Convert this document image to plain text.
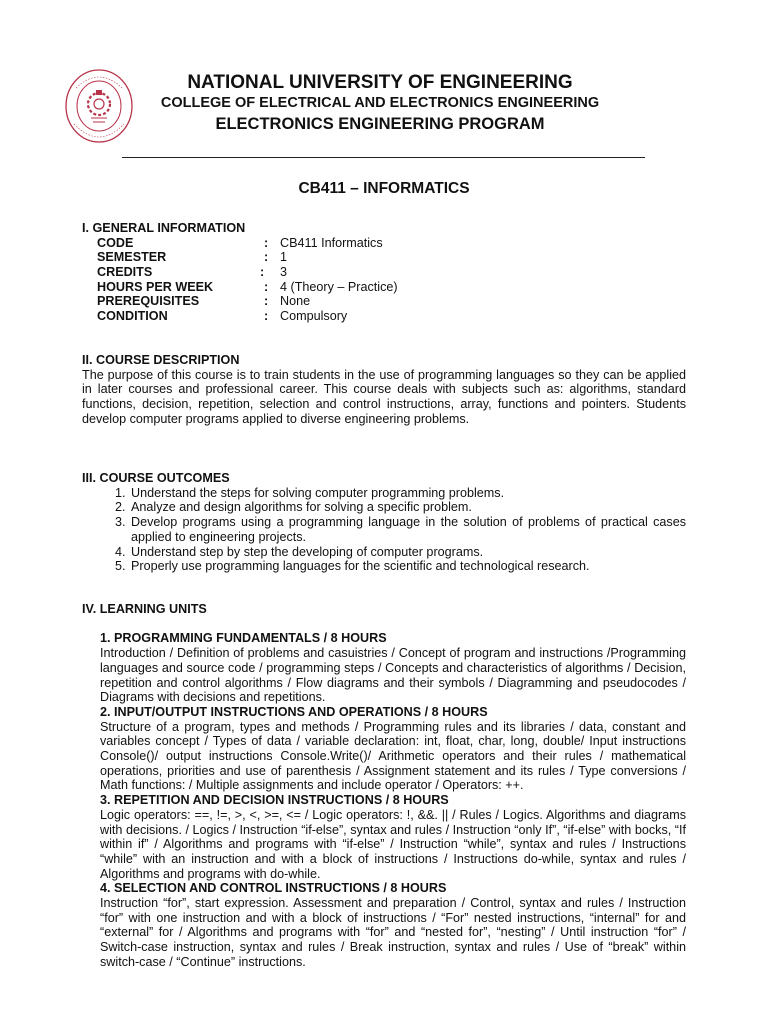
NATIONAL UNIVERSITY OF ENGINEERING
COLLEGE OF ELECTRICAL AND ELECTRONICS ENGINEERING
ELECTRONICS ENGINEERING PROGRAM
CB411 – INFORMATICS
I. GENERAL INFORMATION
CODE	: CB411 Informatics
SEMESTER	: 1
CREDITS	: 3
HOURS PER WEEK	: 4 (Theory – Practice)
PREREQUISITES	: None
CONDITION	: Compulsory
II. COURSE DESCRIPTION
The purpose of this course is to train students in the use of programming languages so they can be applied in later courses and professional career. This course deals with subjects such as: algorithms, standard functions, decision, repetition, selection and control instructions, array, functions and pointers. Students develop computer programs applied to diverse engineering problems.
III. COURSE OUTCOMES
1. Understand the steps for solving computer programming problems.
2. Analyze and design algorithms for solving a specific problem.
3. Develop programs using a programming language in the solution of problems of practical cases applied to engineering projects.
4. Understand step by step the developing of computer programs.
5. Properly use programming languages for the scientific and technological research.
IV. LEARNING UNITS
1. PROGRAMMING FUNDAMENTALS / 8 HOURS
Introduction / Definition of problems and casuistries / Concept of program and instructions /Programming languages and source code / programming steps / Concepts and characteristics of algorithms / Decision, repetition and control algorithms / Flow diagrams and their symbols / Diagramming and pseudocodes / Diagrams with decisions and repetitions.
2. INPUT/OUTPUT INSTRUCTIONS AND OPERATIONS / 8 HOURS
Structure of a program, types and methods / Programming rules and its libraries / data, constant and variables concept / Types of data / variable declaration: int, float, char, long, double/ Input instructions Console()/ output instructions Console.Write()/ Arithmetic operators and their rules / mathematical operations, priorities and use of parenthesis / Assignment statement and its rules / Type conversions / Math functions: / Multiple assignments and include operator / Operators: ++.
3. REPETITION AND DECISION INSTRUCTIONS / 8 HOURS
Logic operators: ==, !=, >, <, >=, <= / Logic operators: !, &&. || / Rules / Logics. Algorithms and diagrams with decisions. / Logics / Instruction “if-else”, syntax and rules / Instruction “only If”, “if-else” with bocks, “If within if” / Algorithms and programs with “if-else” / Instruction “while”, syntax and rules / Instructions “while” with an instruction and with a block of instructions / Instructions do-while, syntax and rules / Algorithms and programs with do-while.
4. SELECTION AND CONTROL INSTRUCTIONS / 8 HOURS
Instruction “for”, start expression. Assessment and preparation / Control, syntax and rules / Instruction “for” with one instruction and with a block of instructions / “For” nested instructions, “internal” for and “external” for / Algorithms and programs with “for” and “nested for”, “nesting” / Until instruction “for” / Switch-case instruction, syntax and rules / Break instruction, syntax and rules / Use of “break” within switch-case / “Continue” instructions.
